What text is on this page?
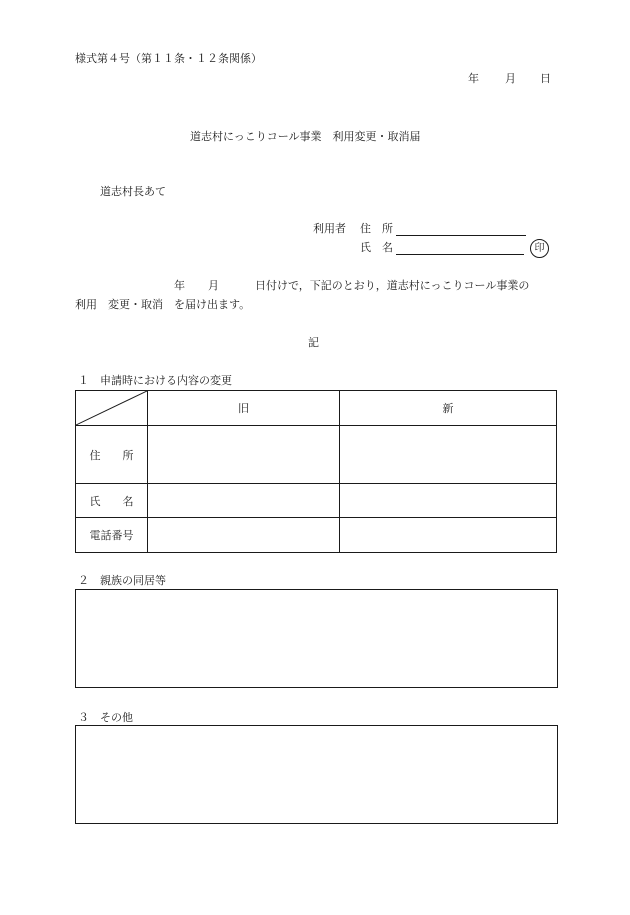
様式第４号（第１１条・１２条関係）
年 月 日
道志村にっこりコール事業　利用変更・取消届
道志村長あて
利用者 住　所
氏　名	印
年 月	日付けで，下記のとおり，道志村にっこりコール事業の
利用　変更・取消　を届け出ます。
記
１　申請時における内容の変更
	旧	新
住　　所		
氏　　名		
電話番号		
２　親族の同居等
３　その他
